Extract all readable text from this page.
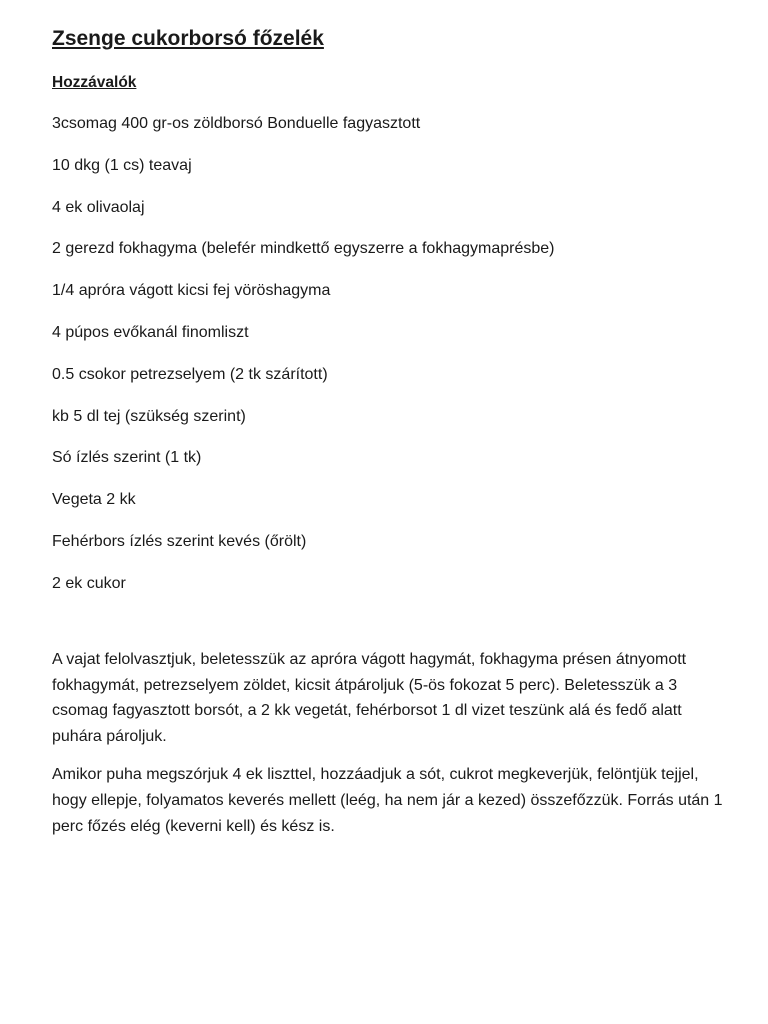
Zsenge cukorborsó főzelék
Hozzávalók
3csomag 400 gr-os zöldborsó Bonduelle fagyasztott
10 dkg (1 cs) teavaj
4 ek olivaolaj
2 gerezd fokhagyma (belefér mindkettő egyszerre a fokhagymaprésbe)
1/4 apróra vágott kicsi fej vöröshagyma
4 púpos evőkanál finomliszt
0.5 csokor petrezselyem (2 tk szárított)
kb 5 dl tej (szükség szerint)
Só ízlés szerint (1 tk)
Vegeta 2 kk
Fehérbors ízlés szerint kevés (őrölt)
2 ek cukor

A vajat felolvasztjuk, beletesszük az apróra vágott hagymát, fokhagyma présen átnyomott fokhagymát, petrezselyem zöldet, kicsit átpároljuk (5-ös fokozat 5 perc). Beletesszük a 3 csomag fagyasztott borsót, a 2 kk vegetát, fehérborsot 1 dl vizet teszünk alá és fedő alatt puhára pároljuk.

Amikor puha megszórjuk 4 ek liszttel, hozzáadjuk a sót, cukrot megkeverjük, felöntjük tejjel, hogy ellepje, folyamatos keverés mellett (leég, ha nem jár a kezed) összefőzzük. Forrás után 1 perc főzés elég (keverni kell) és kész is.
